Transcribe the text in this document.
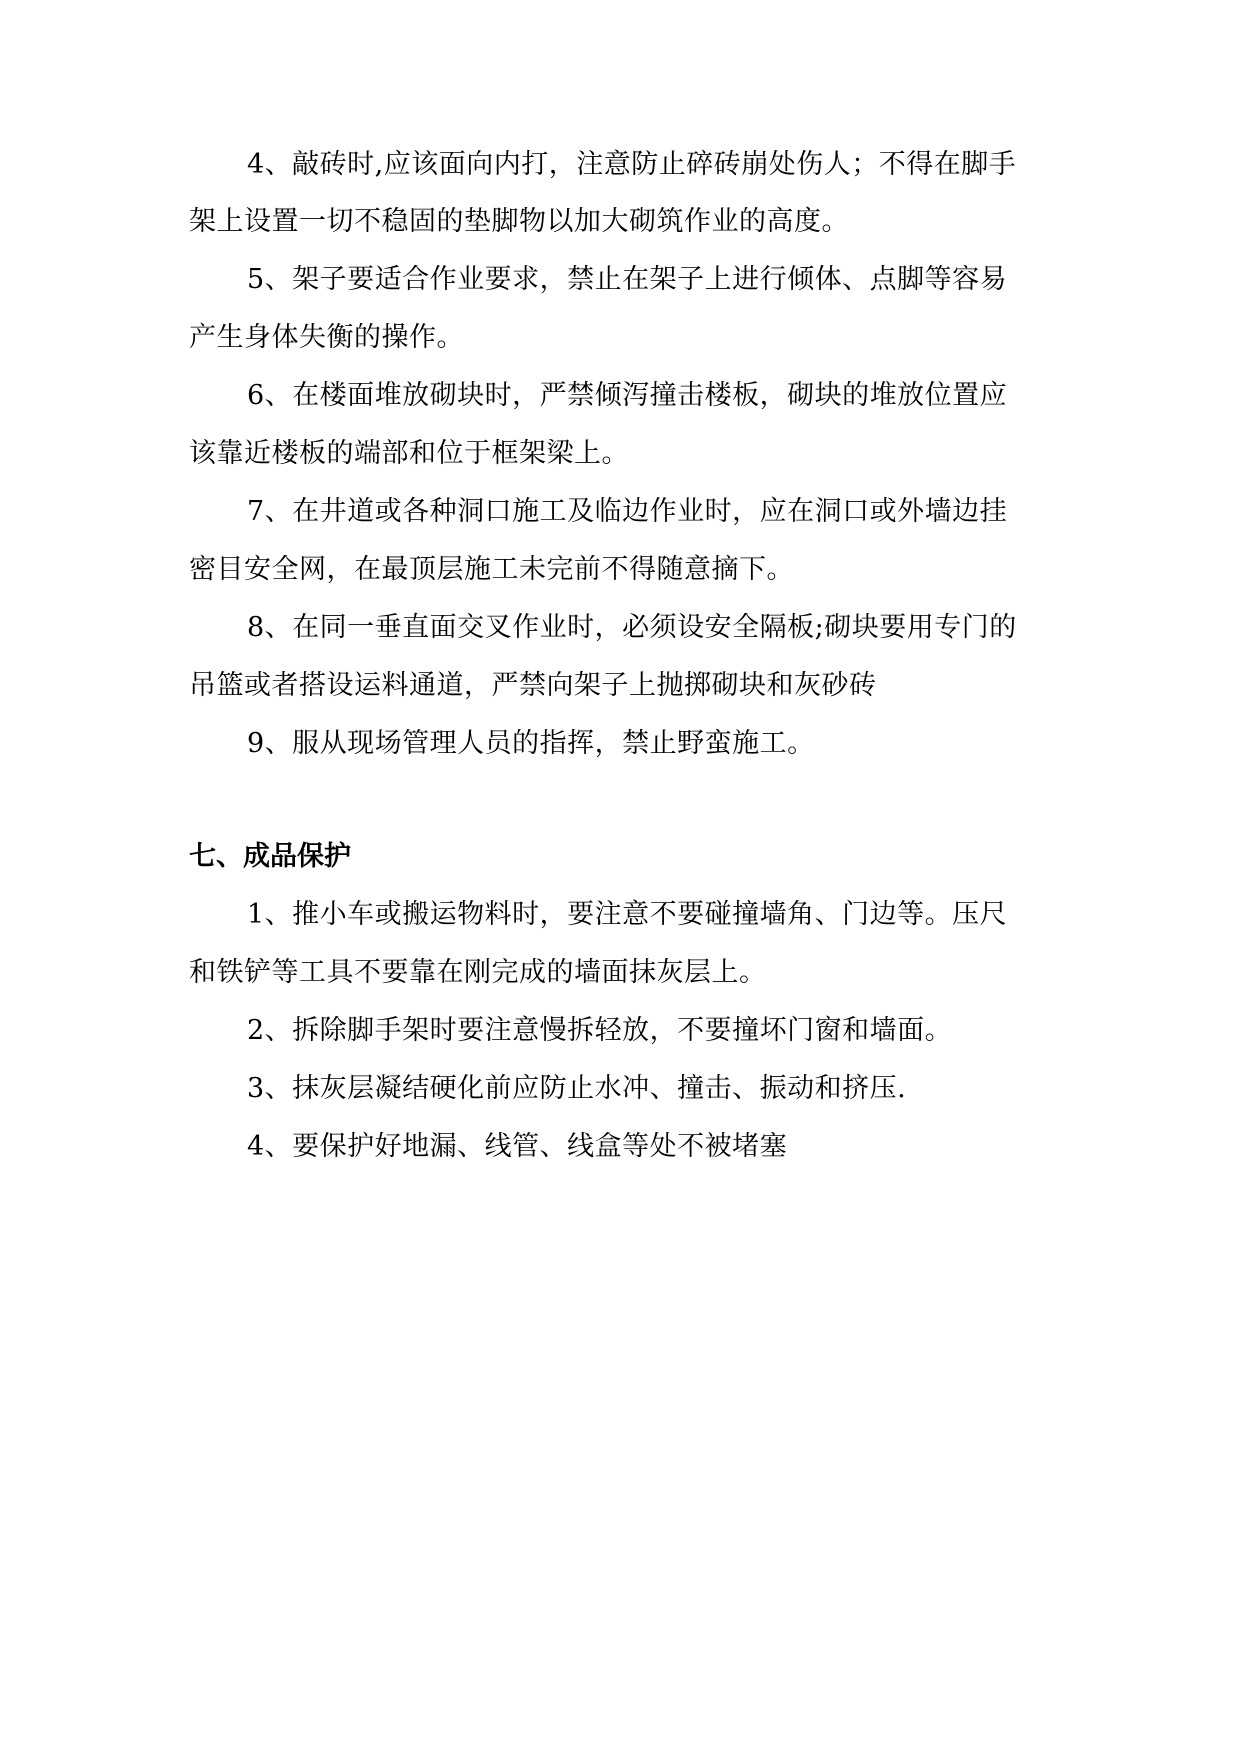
4、敲砖时,应该面向内打，注意防止碎砖崩处伤人；不得在脚手
架上设置一切不稳固的垫脚物以加大砌筑作业的高度。
5、架子要适合作业要求，禁止在架子上进行倾体、点脚等容易
产生身体失衡的操作。
6、在楼面堆放砌块时，严禁倾泻撞击楼板，砌块的堆放位置应
该靠近楼板的端部和位于框架梁上。
7、在井道或各种洞口施工及临边作业时，应在洞口或外墙边挂
密目安全网，在最顶层施工未完前不得随意摘下。
8、在同一垂直面交叉作业时，必须设安全隔板;砌块要用专门的
吊篮或者搭设运料通道，严禁向架子上抛掷砌块和灰砂砖
9、服从现场管理人员的指挥，禁止野蛮施工。
七、成品保护
1、推小车或搬运物料时，要注意不要碰撞墙角、门边等。压尺
和铁铲等工具不要靠在刚完成的墙面抹灰层上。
2、拆除脚手架时要注意慢拆轻放，不要撞坏门窗和墙面。
3、抹灰层凝结硬化前应防止水冲、撞击、振动和挤压.
4、要保护好地漏、线管、线盒等处不被堵塞
